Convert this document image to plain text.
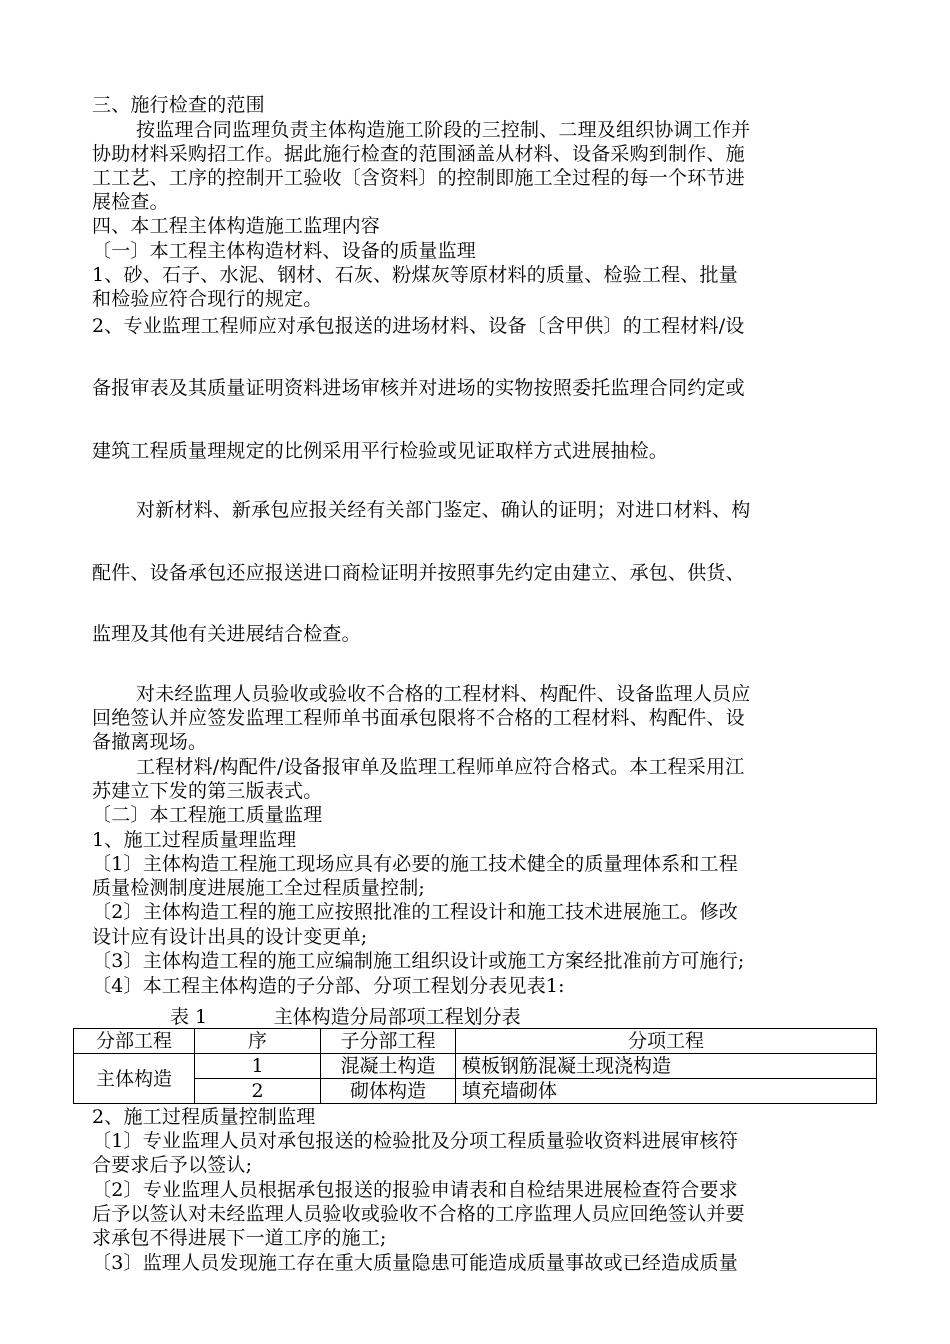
三、施行检查的范围
按监理合同监理负责主体构造施工阶段的三控制、二理及组织协调工作并
协助材料采购招工作。据此施行检查的范围涵盖从材料、设备采购到制作、施
工工艺、工序的控制开工验收〔含资料〕的控制即施工全过程的每一个环节进
展检查。
四、本工程主体构造施工监理内容
〔一〕本工程主体构造材料、设备的质量监理
1、砂、石子、水泥、钢材、石灰、粉煤灰等原材料的质量、检验工程、批量
和检验应符合现行的规定。
2、专业监理工程师应对承包报送的进场材料、设备〔含甲供〕的工程材料/设
备报审表及其质量证明资料进场审核并对进场的实物按照委托监理合同约定或
建筑工程质量理规定的比例采用平行检验或见证取样方式进展抽检。
对新材料、新承包应报关经有关部门鉴定、确认的证明；对进口材料、构
配件、设备承包还应报送进口商检证明并按照事先约定由建立、承包、供货、
监理及其他有关进展结合检查。
对未经监理人员验收或验收不合格的工程材料、构配件、设备监理人员应
回绝签认并应签发监理工程师单书面承包限将不合格的工程材料、构配件、设
备撤离现场。
工程材料/构配件/设备报审单及监理工程师单应符合格式。本工程采用江
苏建立下发的第三版表式。
〔二〕本工程施工质量监理
1、施工过程质量理监理
〔1〕主体构造工程施工现场应具有必要的施工技术健全的质量理体系和工程
质量检测制度进展施工全过程质量控制;
〔2〕主体构造工程的施工应按照批准的工程设计和施工技术进展施工。修改
设计应有设计出具的设计变更单;
〔3〕主体构造工程的施工应编制施工组织设计或施工方案经批准前方可施行;
〔4〕本工程主体构造的子分部、分项工程划分表见表1:
表 1	主体构造分局部项工程划分表
分部工程	序	子分部工程	分项工程
主体构造	1	混凝土构造	模板钢筋混凝土现浇构造
	2	砌体构造	填充墙砌体
2、施工过程质量控制监理
〔1〕专业监理人员对承包报送的检验批及分项工程质量验收资料进展审核符
合要求后予以签认;
〔2〕专业监理人员根据承包报送的报验申请表和自检结果进展检查符合要求
后予以签认对未经监理人员验收或验收不合格的工序监理人员应回绝签认并要
求承包不得进展下一道工序的施工;
〔3〕监理人员发现施工存在重大质量隐患可能造成质量事故或已经造成质量
